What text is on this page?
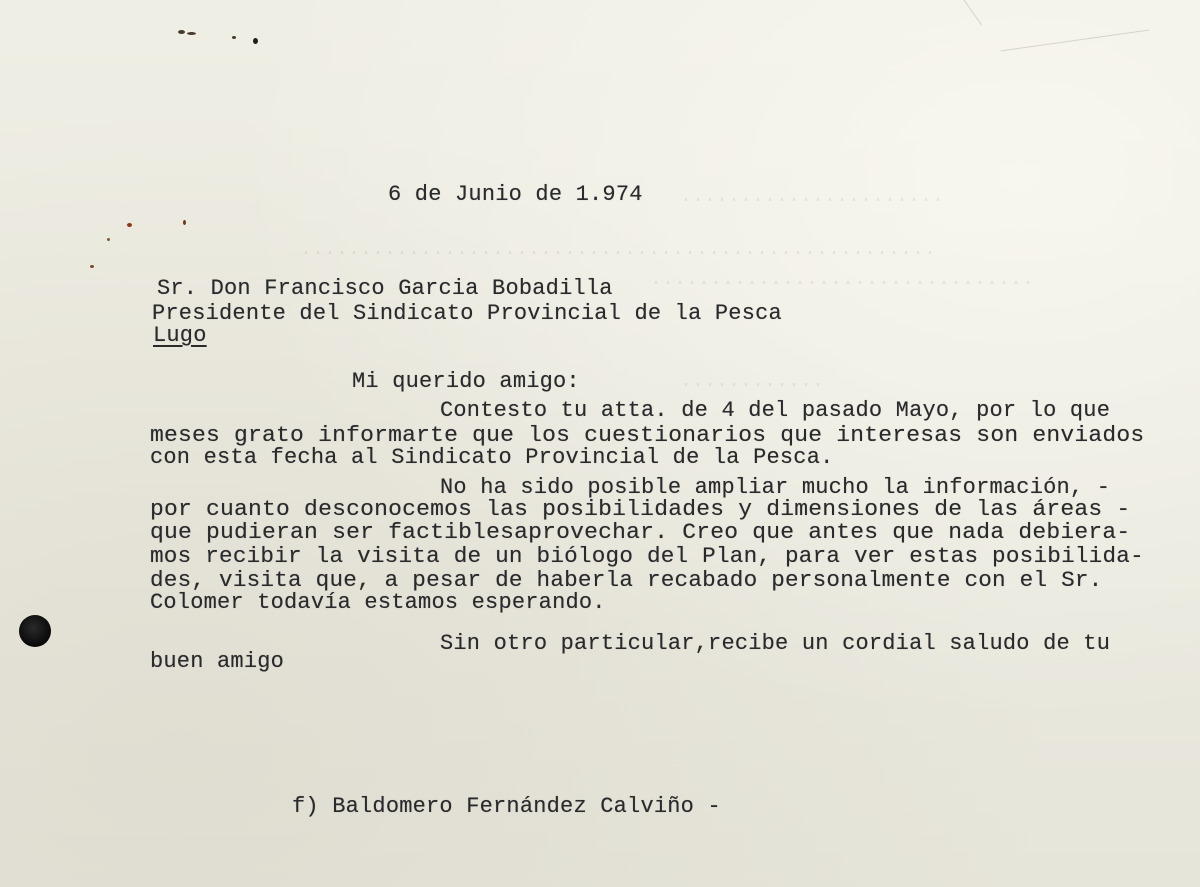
......................
.....................................................
................................
............
6 de Junio de 1.974
Sr. Don Francisco Garcia Bobadilla
Presidente del Sindicato Provincial de la Pesca
Lugo
Mi querido amigo:
Contesto tu atta. de 4 del pasado Mayo, por lo que
meses grato informarte que los cuestionarios que interesas son enviados
con esta fecha al Sindicato Provincial de la Pesca.
No ha sido posible ampliar mucho la información, -
por cuanto desconocemos las posibilidades y dimensiones de las áreas -
que pudieran ser factiblesaprovechar. Creo que antes que nada debiera-
mos recibir la visita de un biólogo del Plan, para ver estas posibilida-
des, visita que, a pesar de haberla recabado personalmente con el Sr.
Colomer todavía estamos esperando.
Sin otro particular,recibe un cordial saludo de tu
buen amigo
f) Baldomero Fernández Calviño -
